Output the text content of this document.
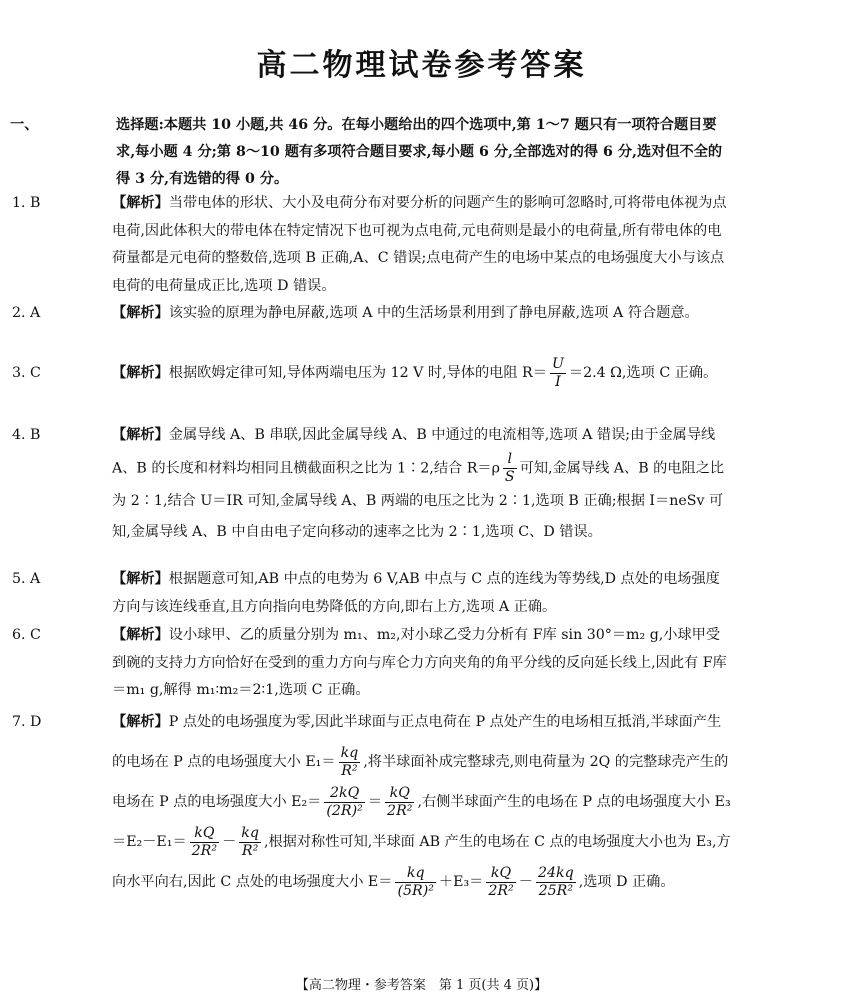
高二物理试卷参考答案
一、	选择题:本题共 10 小题,共 46 分。在每小题给出的四个选项中,第 1～7 题只有一项符合题目要求,每小题 4 分;第 8～10 题有多项符合题目要求,每小题 6 分,全部选对的得 6 分,选对但不全的得 3 分,有选错的得 0 分。
1. B	【解析】当带电体的形状、大小及电荷分布对要分析的问题产生的影响可忽略时,可将带电体视为点电荷,因此体积大的带电体在特定情况下也可视为点电荷,元电荷则是最小的电荷量,所有带电体的电荷量都是元电荷的整数倍,选项 B 正确,A、C 错误;点电荷产生的电场中某点的电场强度大小与该点电荷的电荷量成正比,选项 D 错误。
2. A	【解析】该实验的原理为静电屏蔽,选项 A 中的生活场景利用到了静电屏蔽,选项 A 符合题意。
3. C	【解析】根据欧姆定律可知,导体两端电压为 12 V 时,导体的电阻 $R= \frac{U}{I} =2.4$ Ω,选项 C 正确。
4. B	【解析】金属导线 A、B 串联,因此金属导线 A、B 中通过的电流相等,选项 A 错误;由于金属导线 A、B 的长度和材料均相同且横截面积之比为 1∶2,结合 $R=\rho \frac{l}{S}$ 可知,金属导线 A、B 的电阻之比为 2∶1,结合 U＝IR 可知,金属导线 A、B 两端的电压之比为 2∶1,选项 B 正确;根据 I＝neSv 可知,金属导线 A、B 中自由电子定向移动的速率之比为 2∶1,选项 C、D 错误。
5. A	【解析】根据题意可知,AB 中点的电势为 6 V,AB 中点与 C 点的连线为等势线,D 点处的电场强度方向与该连线垂直,且方向指向电势降低的方向,即右上方,选项 A 正确。
6. C	【解析】设小球甲、乙的质量分别为 m₁、m₂,对小球乙受力分析有 F库 sin 30°＝m₂ g,小球甲受到碗的支持力方向恰好在受到的重力方向与库仑力方向夹角的角平分线的反向延长线上,因此有 F库＝m₁ g,解得 m₁∶m₂＝2∶1,选项 C 正确。
7. D	【解析】P 点处的电场强度为零,因此半球面与正点电荷在 P 点处产生的电场相互抵消,半球面产生的电场在 P 点的电场强度大小 $E_1= \frac{kq}{\text{R²}}$ ,将半球面补成完整球壳,则电荷量为 2Q 的完整球壳产生的电场在 P 点的电场强度大小 $E_2= \frac{2kQ}{\text{(2R)²}} = \frac{kQ}{\text{2R²}}$ ,右侧半球面产生的电场在 P 点的电场强度大小 $E_3=E_2-E_1= \frac{kQ}{\text{2R²}} - \frac{kq}{\text{R²}}$ ,根据对称性可知,半球面 AB 产生的电场在 C 点的电场强度大小也为 E₃,方向水平向右,因此 C 点处的电场强度大小 $E= \frac{kq}{\text{(5R)²}} +E_3= \frac{kQ}{\text{2R²}} - \frac{24kq}{\text{25R²}}$ ,选项 D 正确。
【高二物理・参考答案　第 1 页(共 4 页)】
